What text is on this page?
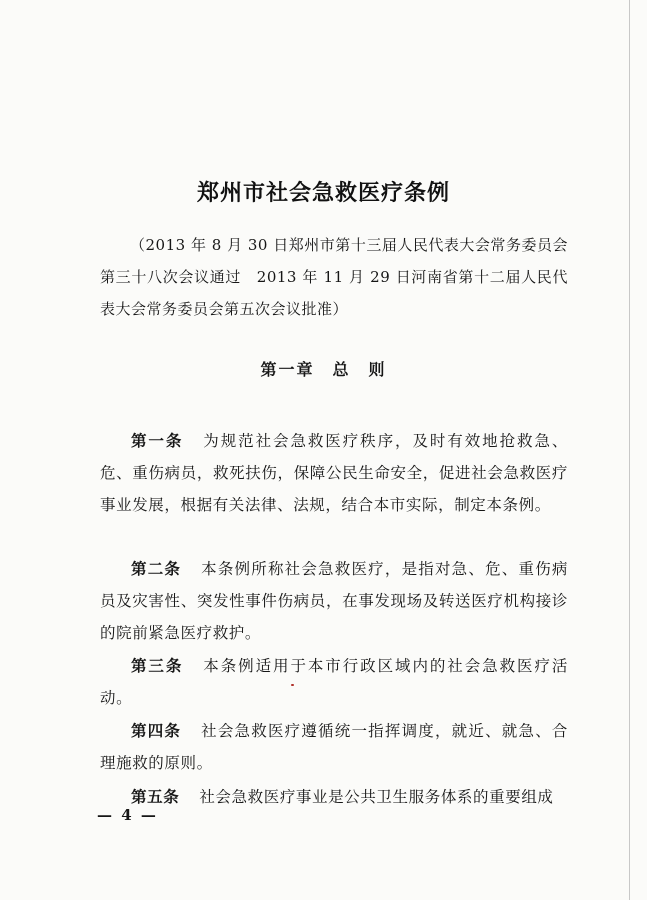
郑州市社会急救医疗条例
（2013 年 8 月 30 日郑州市第十三届人民代表大会常务委员会第三十八次会议通过　2013 年 11 月 29 日河南省第十二届人民代表大会常务委员会第五次会议批准）
第一章 总　则
第一条 为规范社会急救医疗秩序，及时有效地抢救急、危、重伤病员，救死扶伤，保障公民生命安全，促进社会急救医疗事业发展，根据有关法律、法规，结合本市实际，制定本条例。
第二条 本条例所称社会急救医疗，是指对急、危、重伤病员及灾害性、突发性事件伤病员，在事发现场及转送医疗机构接诊的院前紧急医疗救护。
第三条 本条例适用于本市行政区域内的社会急救医疗活动。
第四条 社会急救医疗遵循统一指挥调度，就近、就急、合理施救的原则。
第五条 社会急救医疗事业是公共卫生服务体系的重要组成
— 4 —
